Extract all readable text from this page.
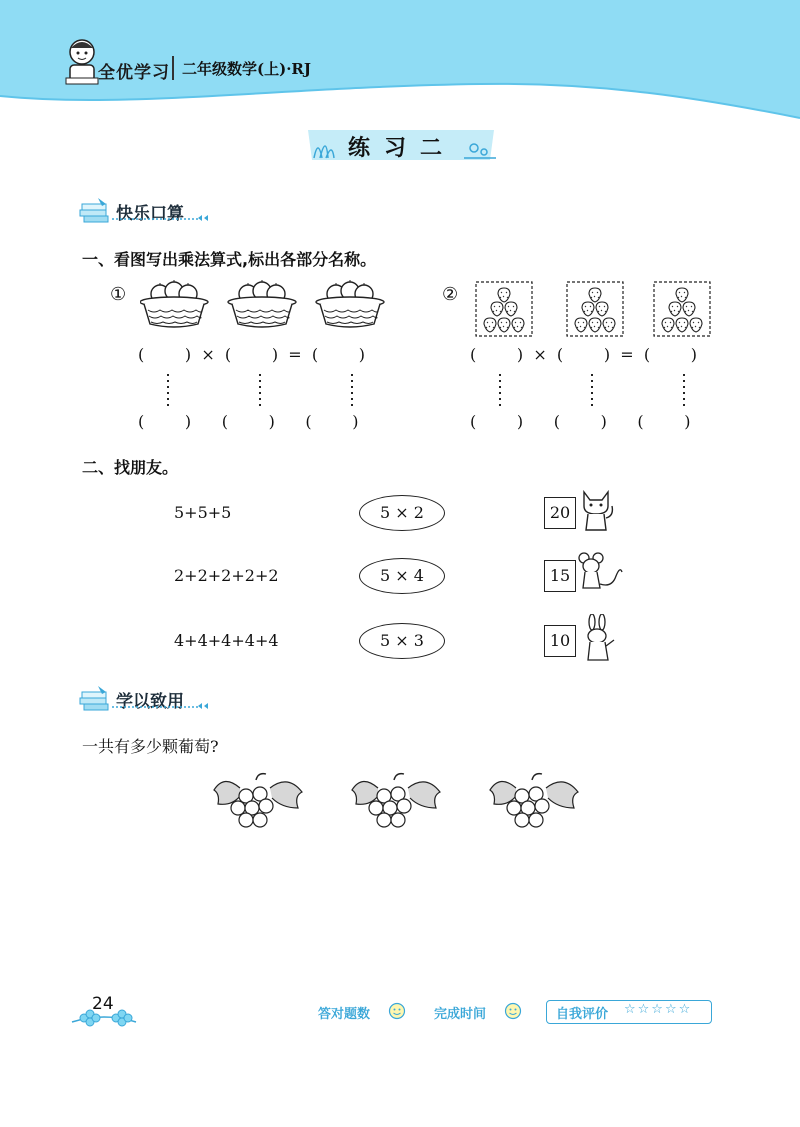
全优学习 二年级数学(上)·RJ
练习二
快乐口算
一、看图写出乘法算式,标出各部分名称。
①
(        )  ×  (        )  =  (        )
(        )      (        )      (        )
②
(        )  ×  (        )  =  (        )
(        )      (        )      (        )
二、找朋友。
5+5+5
2+2+2+2+2
4+4+4+4+4
5 × 2
5 × 4
5 × 3
20
15
10
学以致用
一共有多少颗葡萄?
24
答对题数	完成时间	自我评价 ☆☆☆☆☆
